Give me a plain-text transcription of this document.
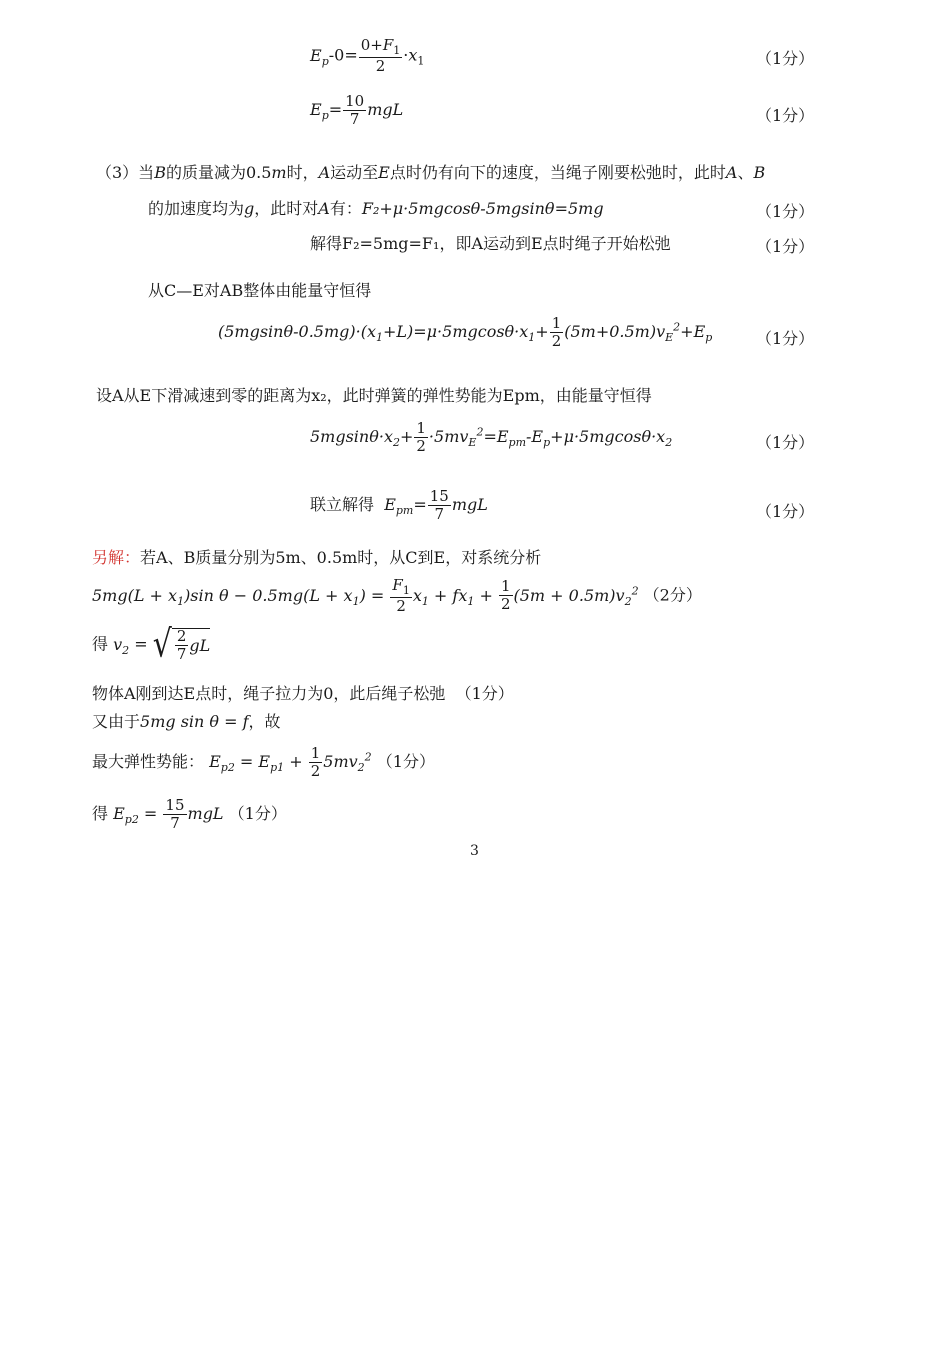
$E_p-0= \frac{0+F_1}{2} \cdot x_1$	（1分）
$E_p= \frac{10}{7}$ mgL	（1分）
（3）当B的质量减为0.5m时，A运动至E点时仍有向下的速度，当绳子刚要松弛时，此时A、B
的加速度均为g，此时对A有：F₂+μ·5mgcosθ-5mgsinθ=5mg	（1分）
解得F₂=5mg=F₁，即A运动到E点时绳子开始松弛	（1分）
从C—E对AB整体由能量守恒得
$(5mgsin\theta-0.5mg)\cdot(x_1+L)=\mu\cdot 5mgcos\theta\cdot x_1+ \frac{1}{2} (5m+0.5m)v_E^2+E_p$	（1分）
设A从E下滑减速到零的距离为x₂，此时弹簧的弹性势能为Epm，由能量守恒得
$5mgsin\theta\cdot x_2+ \frac{1}{2} \cdot 5mv_E^2=E_{pm}-E_p+\mu\cdot 5mgcos\theta\cdot x_2$	（1分）
联立解得 $E_{pm}= \frac{15}{7}$ mgL	（1分）
另解：若A、B质量分别为5m、0.5m时，从C到E，对系统分析
$5mg(L + x_1)\sin$ $\theta - 0.5mg(L + x_1) = \frac{F_1}{2} x_1 + fx_1 + \frac{1}{2} (5m + 0.5m)v_2^2$ （2分）
得 $v_2$ = √ $\frac{2}{7}$ gL
物体A刚到达E点时，绳子拉力为0，此后绳子松弛 （1分）
又由于5mg sin θ = f，故
最大弹性势能： $E_{p2} = E_{p1} + \frac{1}{2} 5mv_2^2$ （1分）
得 $E_{p2} = \frac{15}{7}$ mgL （1分）
3
